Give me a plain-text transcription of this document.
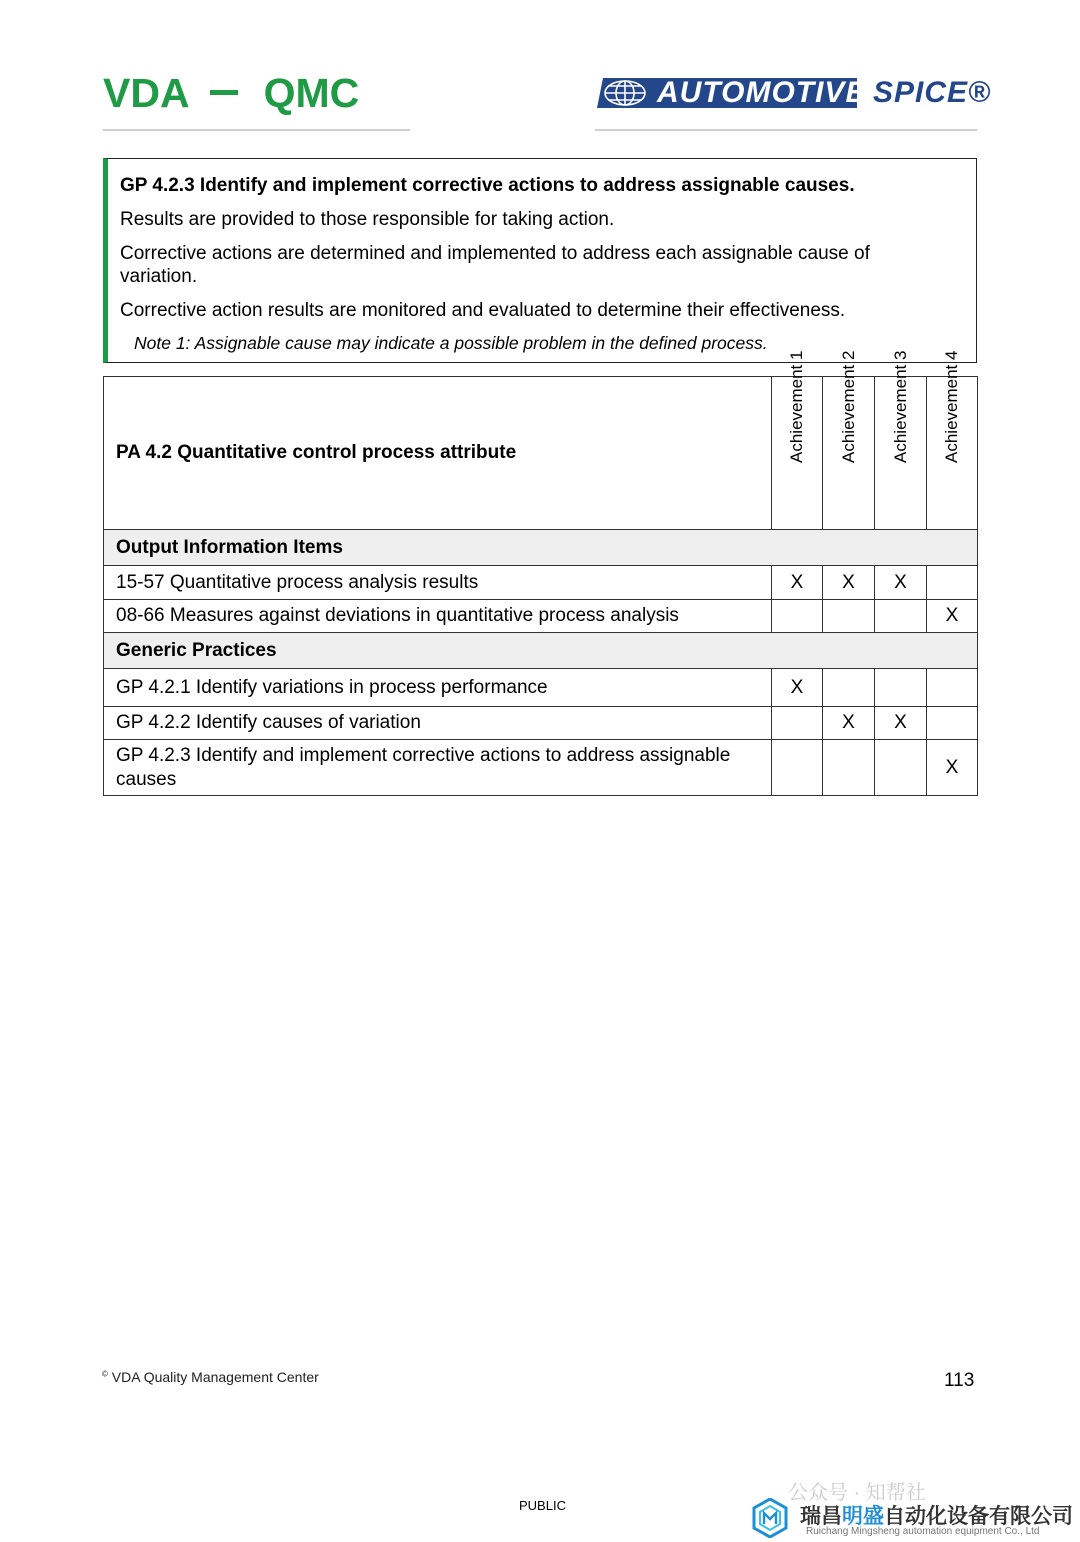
VDA QMC	AUTOMOTIVE SPICE®
GP 4.2.3 Identify and implement corrective actions to address assignable causes.
Results are provided to those responsible for taking action.
Corrective actions are determined and implemented to address each assignable cause of variation.
Corrective action results are monitored and evaluated to determine their effectiveness.
Note 1: Assignable cause may indicate a possible problem in the defined process.
PA 4.2 Quantitative control process attribute	Achievement 1	Achievement 2	Achievement 3	Achievement 4

Output Information Items				
15-57 Quantitative process analysis results	X	X	X	
08-66 Measures against deviations in quantitative process analysis				X
Generic Practices				
GP 4.2.1 Identify variations in process performance	X			
GP 4.2.2 Identify causes of variation		X	X	
GP 4.2.3 Identify and implement corrective actions to address assignable causes				X
© VDA Quality Management Center	113
PUBLIC
公众号 · 知帮社
瑞昌明盛自动化设备有限公司
Ruichang Mingsheng automation equipment Co., Ltd
